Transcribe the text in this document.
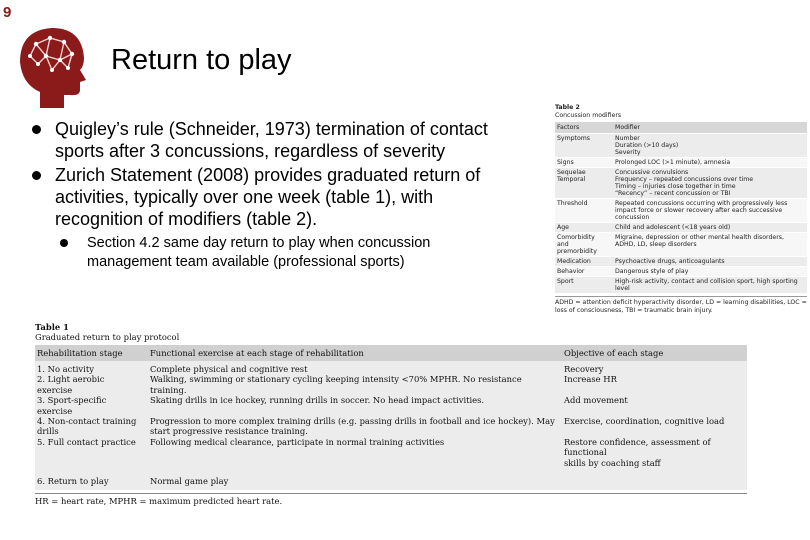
9
Return to play
Quigley’s rule (Schneider, 1973) termination of contact sports after 3 concussions, regardless of severity
Zurich Statement (2008) provides graduated return of activities, typically over one week (table 1), with recognition of modifiers (table 2).
Section 4.2 same day return to play when concussion management team available (professional sports)
Table 2
Concussion modifiers
Factors	Modifier
Symptoms	Number
Duration (>10 days)
Severity
Signs	Prolonged LOC (>1 minute), amnesia
Sequelae
Temporal	Concussive convulsions
Frequency – repeated concussions over time
Timing – injuries close together in time
“Recency” – recent concussion or TBI
Threshold	Repeated concussions occurring with progressively less impact force or slower recovery after each successive concussion
Age	Child and adolescent (<18 years old)
Comorbidity
and
premorbidity	Migraine, depression or other mental health disorders, ADHD, LD, sleep disorders
Medication	Psychoactive drugs, anticoagulants
Behavior	Dangerous style of play
Sport	High-risk activity, contact and collision sport, high sporting level
ADHD = attention deficit hyperactivity disorder, LD = learning disabilities, LOC = loss of consciousness, TBI = traumatic brain injury.
Table 1
Graduated return to play protocol
Rehabilitation stage	Functional exercise at each stage of rehabilitation	Objective of each stage
1. No activity	Complete physical and cognitive rest	Recovery
2. Light aerobic
exercise	Walking, swimming or stationary cycling keeping intensity <70% MPHR. No resistance training.	Increase HR
3. Sport-specific
exercise	Skating drills in ice hockey, running drills in soccer. No head impact activities.	Add movement
4. Non-contact training
drills	Progression to more complex training drills (e.g. passing drills in football and ice hockey). May
start progressive resistance training.	Exercise, coordination, cognitive load
5. Full contact practice	Following medical clearance, participate in normal training activities	Restore confidence, assessment of functional
skills by coaching staff
6. Return to play	Normal game play	
HR = heart rate, MPHR = maximum predicted heart rate.
